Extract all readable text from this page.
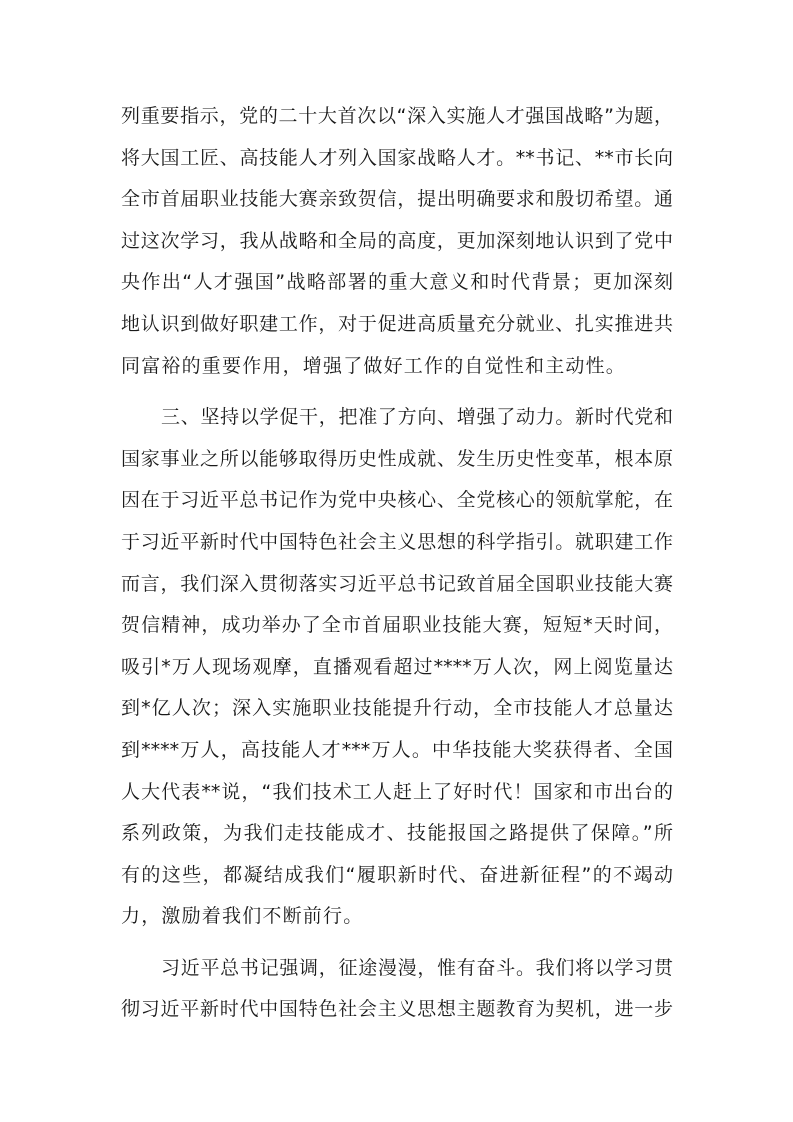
列重要指示，党的二十大首次以“深入实施人才强国战略”为题，
将大国工匠、高技能人才列入国家战略人才。**书记、**市长向
全市首届职业技能大赛亲致贺信，提出明确要求和殷切希望。通
过这次学习，我从战略和全局的高度，更加深刻地认识到了党中
央作出“人才强国”战略部署的重大意义和时代背景；更加深刻
地认识到做好职建工作，对于促进高质量充分就业、扎实推进共
同富裕的重要作用，增强了做好工作的自觉性和主动性。
三、坚持以学促干，把准了方向、增强了动力。新时代党和
国家事业之所以能够取得历史性成就、发生历史性变革，根本原
因在于习近平总书记作为党中央核心、全党核心的领航掌舵，在
于习近平新时代中国特色社会主义思想的科学指引。就职建工作
而言，我们深入贯彻落实习近平总书记致首届全国职业技能大赛
贺信精神，成功举办了全市首届职业技能大赛，短短*天时间，
吸引*万人现场观摩，直播观看超过****万人次，网上阅览量达
到*亿人次；深入实施职业技能提升行动，全市技能人才总量达
到****万人，高技能人才***万人。中华技能大奖获得者、全国
人大代表**说，“我们技术工人赶上了好时代！国家和市出台的
系列政策，为我们走技能成才、技能报国之路提供了保障。”所
有的这些，都凝结成我们“履职新时代、奋进新征程”的不竭动
力，激励着我们不断前行。
习近平总书记强调，征途漫漫，惟有奋斗。我们将以学习贯
彻习近平新时代中国特色社会主义思想主题教育为契机，进一步
